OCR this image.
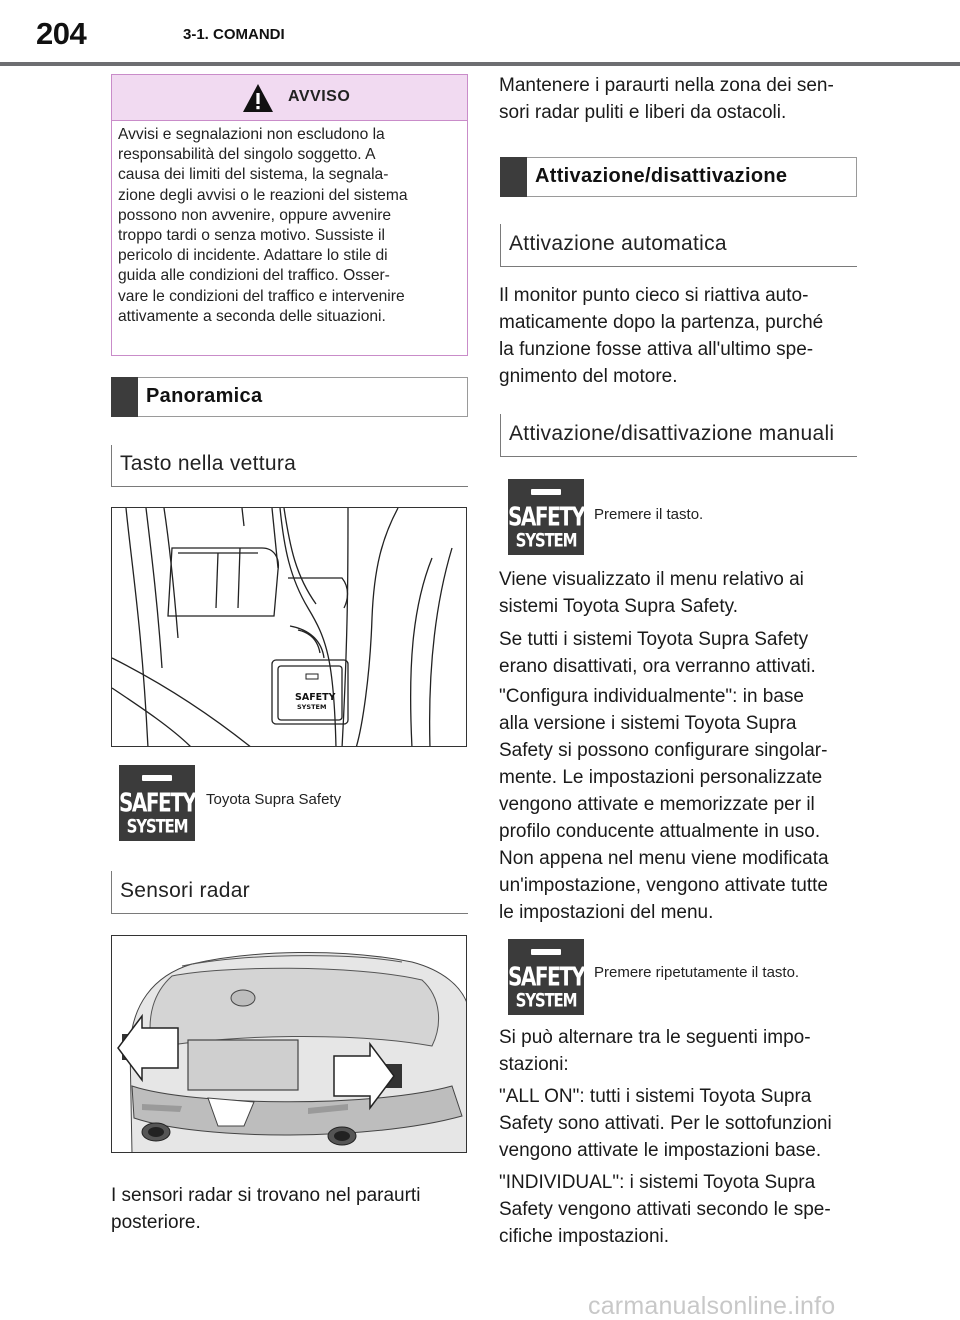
204	3-1. COMANDI
AVVISO
Avvisi e segnalazioni non escludono la
responsabilità del singolo soggetto. A
causa dei limiti del sistema, la segnala-
zione degli avvisi o le reazioni del sistema
possono non avvenire, oppure avvenire
troppo tardi o senza motivo. Sussiste il
pericolo di incidente. Adattare lo stile di
guida alle condizioni del traffico. Osser-
vare le condizioni del traffico e intervenire
attivamente a seconda delle situazioni.
Panoramica
Tasto nella vettura
SAFETY
SYSTEM
SAFETY
SYSTEM
Toyota Supra Safety
Sensori radar
I sensori radar si trovano nel paraurti
posteriore.
Mantenere i paraurti nella zona dei sen-
sori radar puliti e liberi da ostacoli.
Attivazione/disattivazione
Attivazione automatica
Il monitor punto cieco si riattiva auto-
maticamente dopo la partenza, purché
la funzione fosse attiva all'ultimo spe-
gnimento del motore.
Attivazione/disattivazione manuali
SAFETY
SYSTEM
Premere il tasto.
Viene visualizzato il menu relativo ai
sistemi Toyota Supra Safety.
Se tutti i sistemi Toyota Supra Safety
erano disattivati, ora verranno attivati.
"Configura individualmente": in base
alla versione i sistemi Toyota Supra
Safety si possono configurare singolar-
mente. Le impostazioni personalizzate
vengono attivate e memorizzate per il
profilo conducente attualmente in uso.
Non appena nel menu viene modificata
un'impostazione, vengono attivate tutte
le impostazioni del menu.
SAFETY
SYSTEM
Premere ripetutamente il tasto.
Si può alternare tra le seguenti impo-
stazioni:
"ALL ON": tutti i sistemi Toyota Supra
Safety sono attivati. Per le sottofunzioni
vengono attivate le impostazioni base.
"INDIVIDUAL": i sistemi Toyota Supra
Safety vengono attivati secondo le spe-
cifiche impostazioni.
carmanualsonline.info
